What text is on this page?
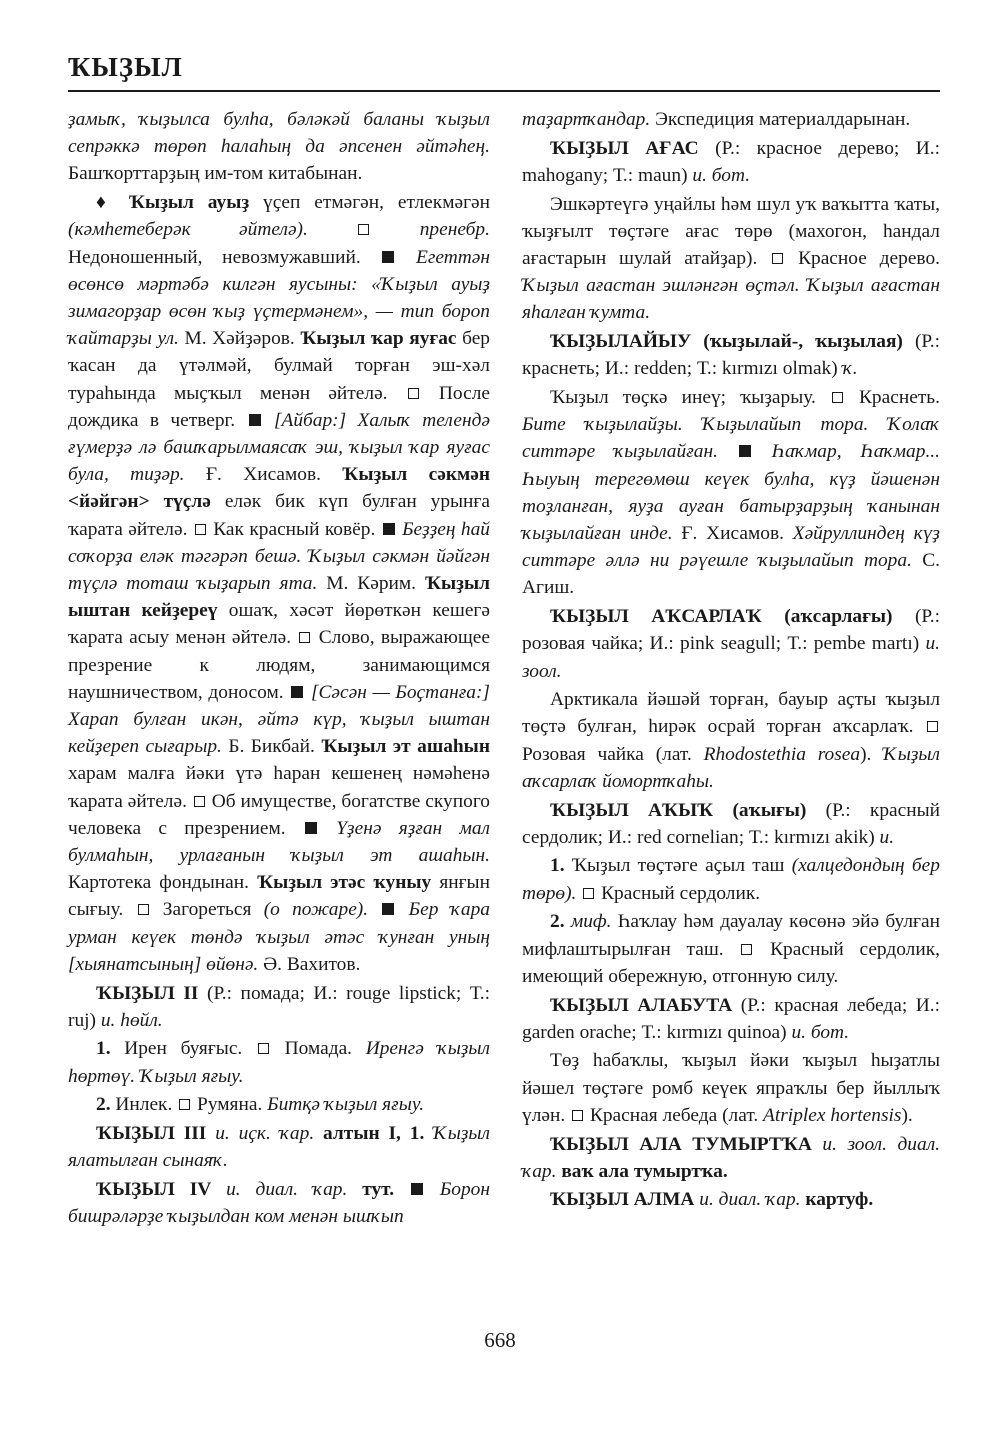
ҠЫҘЫЛ

ҙамыҡ, ҡыҙылса булһа, бәләкәй баланы ҡыҙыл сепрәккә төрөп һалаһың да әпсенен әйтәһең. Башҡорттарҙың им-том китабынан.

♦ Ҡыҙыл ауыҙ үҫеп етмәгән, етлекмәгән (кәмһетеберәк әйтелә).	пренебр. Недоношенный, невозмужавший.  Егеттән өсөнсө мәртәбә килгән яусыны: «Ҡыҙыл ауыҙ зимагорҙар өсөн ҡыҙ үҫтермәнем», — тип бороп ҡайтарҙы ул. М. Хәйҙәров. Ҡыҙыл ҡар яуғас бер ҡасан да үтәлмәй, булмай торған эш-хәл тураһында мыҫҡыл менән әйтелә.  После дождика в четверг.  [Айбар:] Халыҡ телендә ғүмерҙә лә башҡарылмаясаҡ эш, ҡыҙыл ҡар яуғас була, тиҙәр. Ғ. Хисамов. Ҡыҙыл сәкмән <йәйгән> түҫлә еләк бик күп булған урынға ҡарата әйтелә.  Как красный ковёр.  Беҙҙең һай соҡорҙа еләк тәгәрәп бешә. Ҡыҙыл сәкмән йәйгән түҫлә тоташ ҡыҙарып ята. М. Кәрим. Ҡыҙыл ыштан кейҙереү ошаҡ, хәсәт йөрөткән кешегә ҡарата асыу менән әйтелә.  Слово, выражающее презрение к людям, занимающимся наушничеством, доносом.  [Сәсән — Боҫтанға:] Харап булған икән, әйтә күр, ҡыҙыл ыштан кейҙереп сығарыр. Б. Бикбай. Ҡыҙыл эт ашаһын харам малға йәки үтә һаран кешенең нәмәһенә ҡарата әйтелә.  Об имуществе, богатстве скупого человека с презрением.  Үҙенә яҙған мал булмаһын, урлағанын ҡыҙыл эт ашаһын. Картотека фондынан. Ҡыҙыл этәс ҡуныу янғын сығыу.  Загореться (о пожаре). Бер ҡара урман кеүек төндә ҡыҙыл әтәс ҡунған уның [хыянатсының] өйөнә. Ә. Вахитов.

ҠЫҘЫЛ II (Р.: помада; И.: rouge lipstick; Т.: ruj) и. һөйл.

1. Ирен буяғыс.  Помада. Иренгә ҡыҙыл һөртөү. Ҡыҙыл яғыу.

2. Инлек.  Румяна. Битқә ҡыҙыл яғыу.

ҠЫҘЫЛ III и. иҫк. ҡар. алтын I, 1. Ҡыҙыл ялатылған сынаяҡ.

ҠЫҘЫЛ IV и. диал. ҡар. тут.  Борон бишрәләрҙе ҡыҙылдан ком менән ышҡып

таҙартҡандар. Экспедиция материалдарынан.

ҠЫҘЫЛ АҒАС (Р.: красное дерево; И.: mahogany; Т.: maun) и. бот.

Эшкәртеүгә уңайлы һәм шул уҡ ваҡытта ҡаты, ҡыҙғылт төҫтәге ағас төрө (махогон, һандал ағастарын шулай атайҙар).  Красное дерево. Ҡыҙыл ағастан эшләнгән өҫтәл. Ҡыҙыл ағастан яһалған ҡумта.

ҠЫҘЫЛАЙЫУ (ҡыҙылай-, ҡыҙылая) (Р.: краснеть; И.: redden; Т.: kırmızı olmak) ҡ.

Ҡыҙыл төҫкә инеү; ҡыҙарыу.  Краснеть. Бите ҡыҙылайҙы. Ҡыҙылайып тора. Ҡолаҡ ситтәре ҡыҙылайған.	Һаҡмар, Һаҡмар... Һыуың терегөмөш кеүек булһа, күҙ йәшенән тоҙланған, яуҙа ауған батырҙарҙың ҡанынан ҡыҙылайған инде. Ғ. Хисамов. Хәйруллиндең күҙ ситтәре әллә ни рәүешле ҡыҙылайып тора. С. Агиш.

ҠЫҘЫЛ АҠСАРЛАҠ (аҡсарлағы) (Р.: розовая чайка; И.: pink seagull; Т.: pembe martı) и. зоол.

Арктикала йәшәй торған, бауыр аҫты ҡыҙыл төҫтә булған, һирәк осрай торған аҡсарлаҡ.  Розовая чайка (лат. Rhodostethia rosea). Ҡыҙыл аҡсарлаҡ йомортҡаһы.

ҠЫҘЫЛ АҠЫҠ (аҡығы) (Р.: красный сердолик; И.: red cornelian; Т.: kırmızı akik) и.

1. Ҡыҙыл төҫтәге аҫыл таш (халцедондың бер төрө). Красный сердолик.

2. миф. Һаҡлау һәм дауалау көсөнә эйә булған мифлаштырылған таш.  Красный сердолик, имеющий обережную, отгонную силу.

ҠЫҘЫЛ АЛАБУТА (Р.: красная лебеда; И.: garden orache; Т.: kırmızı quinoa) и. бот.

Төҙ һабаҡлы, ҡыҙыл йәки ҡыҙыл һыҙатлы йәшел төҫтәге ромб кеүек япраҡлы бер йыллыҡ үлән.  Красная лебеда (лат. Atriplex hortensis).

ҠЫҘЫЛ АЛА ТУМЫРТҠА и. зоол. диал. ҡар. ваҡ ала тумыртҡа.

ҠЫҘЫЛ АЛМА и. диал. ҡар. картуф.

668
